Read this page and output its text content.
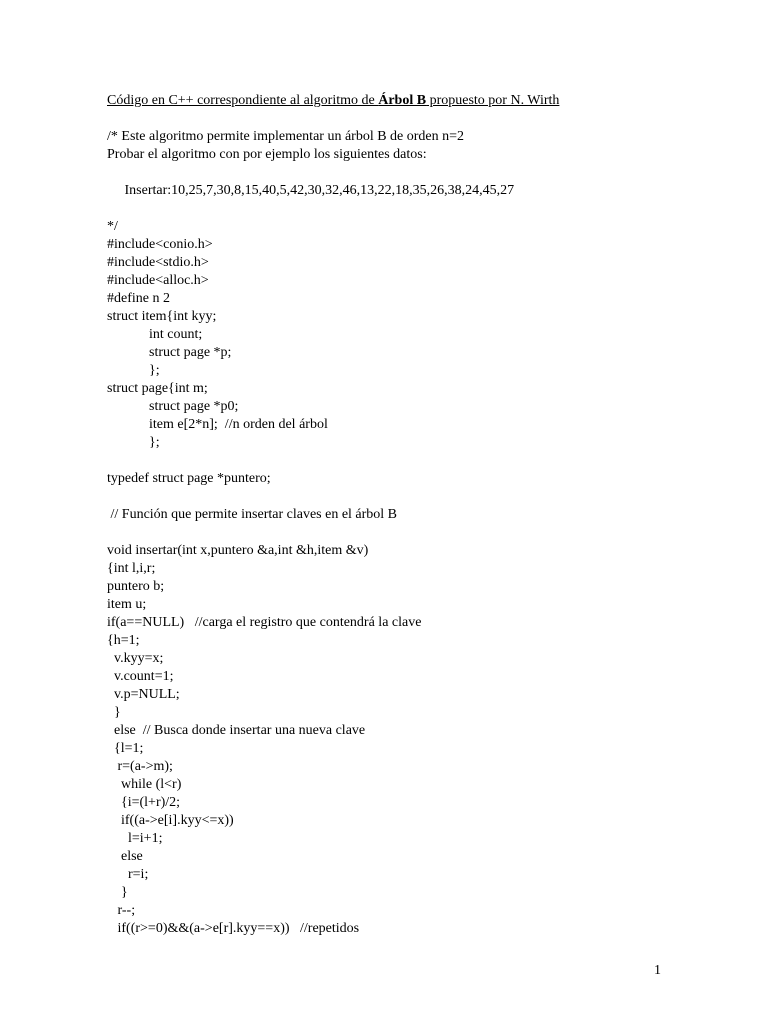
Código en C++ correspondiente al algoritmo de Árbol B propuesto por N. Wirth
/* Este algoritmo permite implementar un árbol B de orden n=2
Probar el algoritmo con por ejemplo los siguientes datos:
Insertar:10,25,7,30,8,15,40,5,42,30,32,46,13,22,18,35,26,38,24,45,27
*/
#include<conio.h>
#include<stdio.h>
#include<alloc.h>
#define n 2
struct item{int kyy;
int count;
struct page *p;
};
struct page{int m;
struct page *p0;
item e[2*n];  //n orden del árbol
};
typedef struct page *puntero;
// Función que permite insertar claves en el árbol B
void insertar(int x,puntero &a,int &h,item &v)
{int l,i,r;
puntero b;
item u;
if(a==NULL)   //carga el registro que contendrá la clave
{h=1;
v.kyy=x;
v.count=1;
v.p=NULL;
}
else  // Busca donde insertar una nueva clave
{l=1;
r=(a->m);
while (l<r)
{i=(l+r)/2;
if((a->e[i].kyy<=x))
l=i+1;
else
r=i;
}
r--;
if((r>=0)&&(a->e[r].kyy==x))   //repetidos
1
